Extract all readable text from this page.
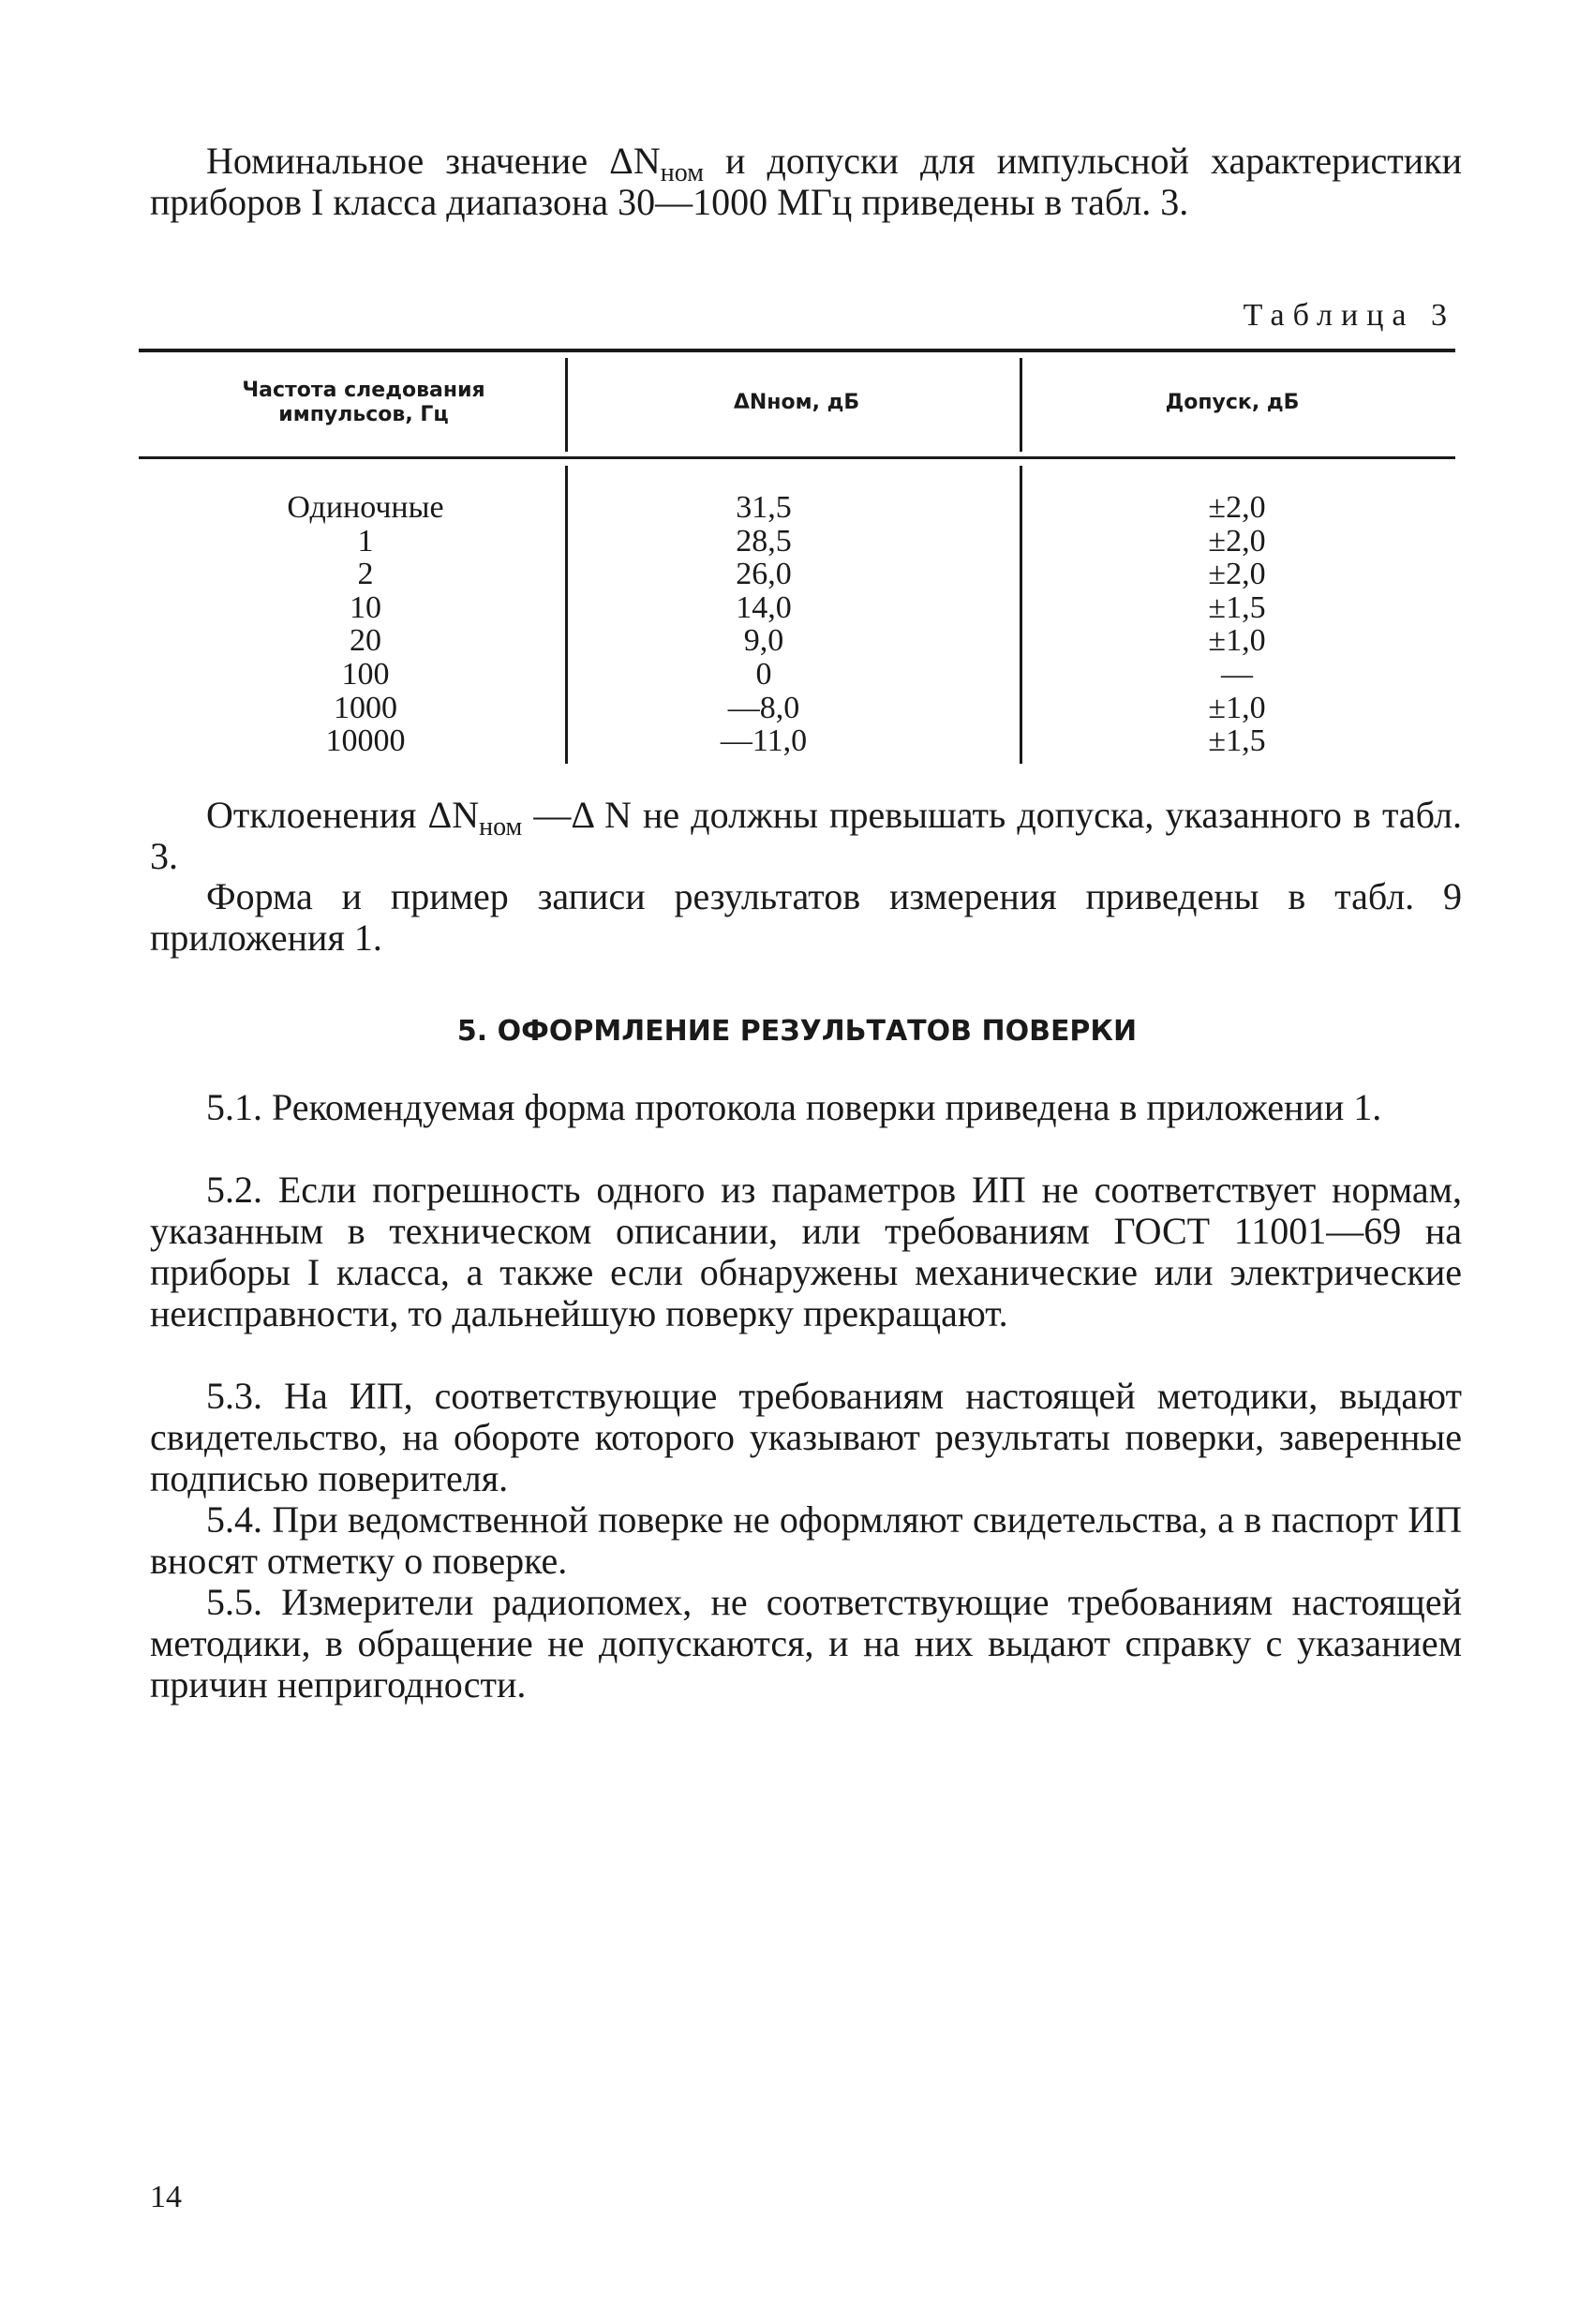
Номинальное значение $\Delta N_{ном}$ и допуски для импульсной характеристики приборов I класса диапазона 30—1000 МГц приведены в табл. 3.

Таблица 3
Частота следования импульсов, Гц
ΔNном, дБ	Допуск, дБ
Одиночные
1
2
10
20
100
1000
10000
31,5
28,5
26,0
14,0
9,0
0
—8,0
—11,0
±2,0
±2,0
±2,0
±1,5
±1,0
—
±1,0
±1,5

Отклоенения $\Delta N_{ном}$ —Δ N не должны превышать допуска, указанного в табл. 3.

Форма и пример записи результатов измерения приведены в табл. 9 приложения 1.

5. ОФОРМЛЕНИЕ РЕЗУЛЬТАТОВ ПОВЕРКИ

5.1. Рекомендуемая форма протокола поверки приведена в приложении 1.

5.2. Если погрешность одного из параметров ИП не соответствует нормам, указанным в техническом описании, или требованиям ГОСТ 11001—69 на приборы I класса, а также если обнаружены механические или электрические неисправности, то дальнейшую поверку прекращают.

5.3. На ИП, соответствующие требованиям настоящей методики, выдают свидетельство, на обороте которого указывают результаты поверки, заверенные подписью поверителя.

5.4. При ведомственной поверке не оформляют свидетельства, а в паспорт ИП вносят отметку о поверке.

5.5. Измерители радиопомех, не соответствующие требованиям настоящей методики, в обращение не допускаются, и на них выдают справку с указанием причин непригодности.

14
